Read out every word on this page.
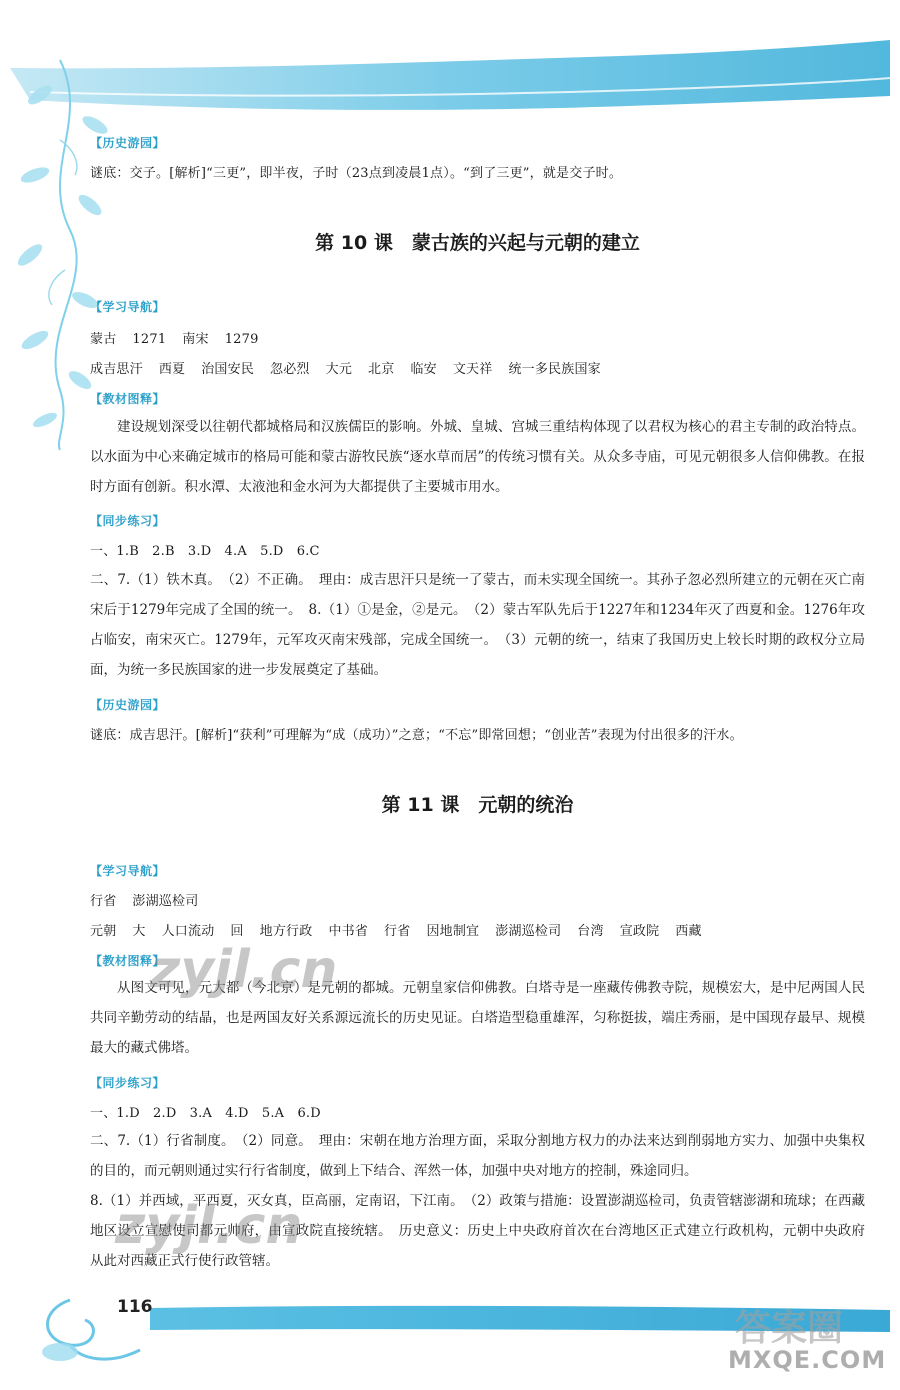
116
【历史游园】
谜底：交子。[解析]“三更”，即半夜，子时（23点到凌晨1点）。“到了三更”，就是交子时。
第 10 课　蒙古族的兴起与元朝的建立
【学习导航】
蒙古 1271 南宋 1279
成吉思汗 西夏 治国安民 忽必烈 大元 北京 临安 文天祥 统一多民族国家
【教材图释】

建设规划深受以往朝代都城格局和汉族儒臣的影响。外城、皇城、宫城三重结构体现了以君权为核心的君主专制的政治特点。以水面为中心来确定城市的格局可能和蒙古游牧民族“逐水草而居”的传统习惯有关。从众多寺庙，可见元朝很多人信仰佛教。在报时方面有创新。积水潭、太液池和金水河为大都提供了主要城市用水。

【同步练习】
一、1.B　2.B　3.D　4.A　5.D　6.C

二、7.（1）铁木真。　（2）不正确。　理由：成吉思汗只是统一了蒙古，而未实现全国统一。其孙子忽必烈所建立的元朝在灭亡南宋后于1279年完成了全国的统一。　8.（1）①是金，②是元。　（2）蒙古军队先后于1227年和1234年灭了西夏和金。1276年攻占临安，南宋灭亡。1279年，元军攻灭南宋残部，完成全国统一。　（3）元朝的统一，结束了我国历史上较长时期的政权分立局面，为统一多民族国家的进一步发展奠定了基础。

【历史游园】
谜底：成吉思汗。[解析]“获利”可理解为“成（成功）”之意；“不忘”即常回想；“创业苦”表现为付出很多的汗水。
第 11 课　元朝的统治
【学习导航】
行省 澎湖巡检司
元朝 大 人口流动 回 地方行政 中书省 行省 因地制宜 澎湖巡检司 台湾 宣政院 西藏
【教材图释】

从图文可见，元大都（今北京）是元朝的都城。元朝皇家信仰佛教。白塔寺是一座藏传佛教寺院，规模宏大，是中尼两国人民共同辛勤劳动的结晶，也是两国友好关系源远流长的历史见证。白塔造型稳重雄浑，匀称挺拔，端庄秀丽，是中国现存最早、规模最大的藏式佛塔。

【同步练习】
一、1.D　2.D　3.A　4.D　5.A　6.D

二、7.（1）行省制度。　（2）同意。　理由：宋朝在地方治理方面，采取分割地方权力的办法来达到削弱地方实力、加强中央集权的目的，而元朝则通过实行行省制度，做到上下结合、浑然一体，加强中央对地方的控制，殊途同归。

8.（1）并西域，平西夏，灭女真，臣高丽，定南诏，下江南。　（2）政策与措施：设置澎湖巡检司，负责管辖澎湖和琉球；在西藏地区设立宣慰使司都元帅府，由宣政院直接统辖。　历史意义：历史上中央政府首次在台湾地区正式建立行政机构，元朝中央政府从此对西藏正式行使行政管辖。

zyjl.cn
zyjl.cn
答案圈
MXQE.COM
